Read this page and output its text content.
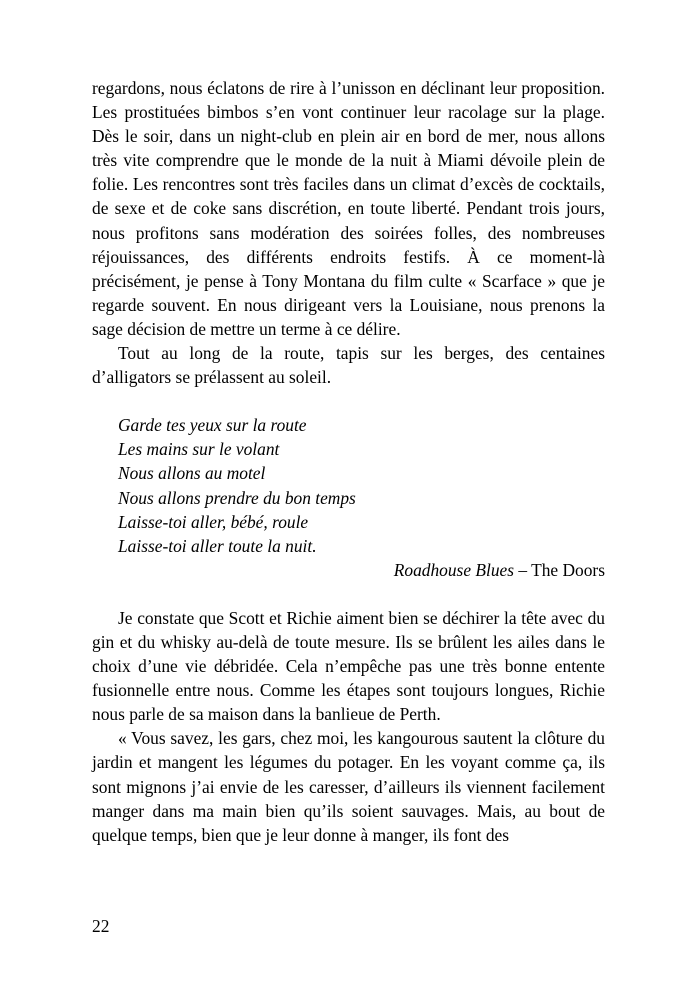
regardons, nous éclatons de rire à l’unisson en déclinant leur proposition. Les prostituées bimbos s’en vont continuer leur racolage sur la plage. Dès le soir, dans un night-club en plein air en bord de mer, nous allons très vite comprendre que le monde de la nuit à Miami dévoile plein de folie. Les rencontres sont très faciles dans un climat d’excès de cocktails, de sexe et de coke sans discrétion, en toute liberté. Pendant trois jours, nous profitons sans modération des soirées folles, des nombreuses réjouissances, des différents endroits festifs. À ce moment-là précisément, je pense à Tony Montana du film culte « Scarface » que je regarde souvent. En nous dirigeant vers la Louisiane, nous prenons la sage décision de mettre un terme à ce délire.

Tout au long de la route, tapis sur les berges, des centaines d’alligators se prélassent au soleil.

Garde tes yeux sur la route
Les mains sur le volant
Nous allons au motel
Nous allons prendre du bon temps
Laisse-toi aller, bébé, roule
Laisse-toi aller toute la nuit.
Roadhouse Blues – The Doors

Je constate que Scott et Richie aiment bien se déchirer la tête avec du gin et du whisky au-delà de toute mesure. Ils se brûlent les ailes dans le choix d’une vie débridée. Cela n’empêche pas une très bonne entente fusionnelle entre nous. Comme les étapes sont toujours longues, Richie nous parle de sa maison dans la banlieue de Perth.

« Vous savez, les gars, chez moi, les kangourous sautent la clôture du jardin et mangent les légumes du potager. En les voyant comme ça, ils sont mignons j’ai envie de les caresser, d’ailleurs ils viennent facilement manger dans ma main bien qu’ils soient sauvages. Mais, au bout de quelque temps, bien que je leur donne à manger, ils font des

22
